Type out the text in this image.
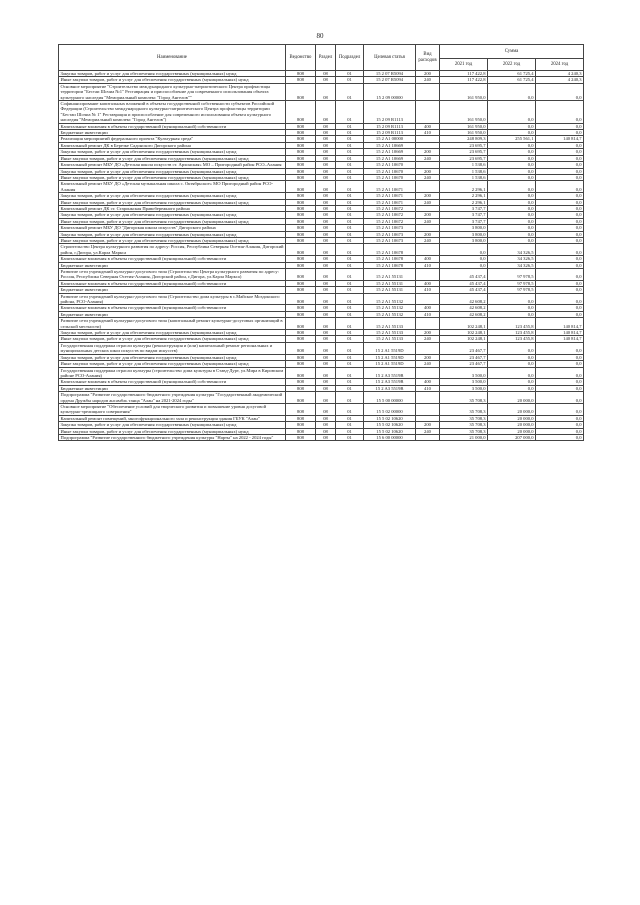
80
Наименование	Ведомство	Раздел	Подраздел	Целевая статья	Вид расходов	Сумма		
						2021 год	2022 год	2024 год
Закупка товаров, работ и услуг для обеспечения государственных (муниципальных) нужд	808	08	01	15 2 07 R5094	200	117 422,8	61 725,4	4 240,3
Иные закупки товаров, работ и услуг для обеспечения государственных (муниципальных) нужд	808	08	01	15 2 07 R5094	240	117 422,8	61 725,4	4 240,3
Основное мероприятие "Строительство международного культурно-патриотического Центра профчастицы территории "Бестаи Шочиа №1" Реставрация и приспособление для современного использования объекта культурного наследия "Мемориальный комплекс "Город Ангелов""	808	08	01	15 2 09 00000		161 950,0	0,0	0,0
Софинансирование капитальных вложений в объекты государственной собственности субъектов Российской Федерации (Строительство международного культурно-патриотического Центра профчастицы территории "Бестаи Шочиа № 1" Реставрация и приспособление для современного использования объекта культурного наследия "Мемориальный комплекс "Город Ангелов")	808	08	01	15 2 09 R1113		161 950,0	0,0	0,0
Капитальные вложения в объекты государственной (муниципальной) собственности	808	08	01	15 2 09 R1113	400	161 950,0	0,0	0,0
Бюджетные инвестиции	808	08	01	15 2 09 R1113	410	161 950,0	0,0	0,0
Реализация мероприятий федерального проекта "Культурная среда"	808	08	01	15 2 A1 00000		248 809,3	255 561,1	140 814,7
Капитальный ремонт ДК в Березке Садонского Дигорского района	808	08	01	15 2 A1 10669		23 695,7	0,0	0,0
Закупка товаров, работ и услуг для обеспечения государственных (муниципальных) нужд	808	08	01	15 2 A1 10669	200	23 695,7	0,0	0,0
Иные закупки товаров, работ и услуг для обеспечения государственных (муниципальных) нужд	808	08	01	15 2 A1 10669	240	23 695,7	0,0	0,0
Капитальный ремонт МБУ ДО «Детская школа искусств ст. Архонская» МО – Пригородный район РСО–Алания	808	08	01	15 2 A1 10670		1 538,6	0,0	0,0
Закупка товаров, работ и услуг для обеспечения государственных (муниципальных) нужд	808	08	01	15 2 A1 10670	200	1 538,6	0,0	0,0
Иные закупки товаров, работ и услуг для обеспечения государственных (муниципальных) нужд	808	08	01	15 2 A1 10670	240	1 538,6	0,0	0,0
Капитальный ремонт МБУ ДО «Детская музыкальная школа с. Октябрьское» МО Пригородный район РСО-Алания	808	08	01	15 2 A1 10671		2 296,1	0,0	0,0
Закупка товаров, работ и услуг для обеспечения государственных (муниципальных) нужд	808	08	01	15 2 A1 10671	200	2 296,1	0,0	0,0
Иные закупки товаров, работ и услуг для обеспечения государственных (муниципальных) нужд	808	08	01	15 2 A1 10671	240	2 296,1	0,0	0,0
Капитальный ремонт ДК ст. Старонкская Правобережного района	808	08	01	15 2 A1 10672		3 747,7	0,0	0,0
Закупка товаров, работ и услуг для обеспечения государственных (муниципальных) нужд	808	08	01	15 2 A1 10672	200	3 747,7	0,0	0,0
Иные закупки товаров, работ и услуг для обеспечения государственных (муниципальных) нужд	808	08	01	15 2 A1 10672	240	3 747,7	0,0	0,0
Капитальный ремонт МБУ ДО "Дигорская школа искусств" Дигорского района	808	08	01	15 2 A1 10673		3 800,0	0,0	0,0
Закупка товаров, работ и услуг для обеспечения государственных (муниципальных) нужд	808	08	01	15 2 A1 10673	200	3 800,0	0,0	0,0
Иные закупки товаров, работ и услуг для обеспечения государственных (муниципальных) нужд	808	08	01	15 2 A1 10673	240	3 800,0	0,0	0,0
Строительство Центра культурного развития по адресу: Россия, Республика Северная Осетия-Алания, Дигорский район, г.Дигора, ул.Карла Маркса	808	08	01	15 2 A1 10678		0,0	34 326,5	0,0
Капитальные вложения в объекты государственной (муниципальной) собственности	808	08	01	15 2 A1 10678	400	0,0	34 326,5	0,0
Бюджетные инвестиции	808	08	01	15 2 A1 10678	410	0,0	34 326,5	0,0
Развитие сети учреждений культурно-досугового типа (Строительство Центра культурного развития по адресу: Россия, Республика Северная Осетия-Алания, Дигорский район, г.Дигора, ул.Карла Маркса)	808	08	01	15 2 A1 55131		45 437,4	97 978,5	0,0
Капитальные вложения в объекты государственной (муниципальной) собственности	808	08	01	15 2 A1 55131	400	45 437,4	97 978,5	0,0
Бюджетные инвестиции	808	08	01	15 2 A1 55131	410	45 437,4	97 978,5	0,0
Развитие сети учреждений культурно-досугового типа (Строительство дома культуры в с.Майское Моздокского района, РСО-Алания)	808	08	01	15 2 A1 55132		42 608,2	0,0	0,0
Капитальные вложения в объекты государственной (муниципальной) собственности	808	08	01	15 2 A1 55132	400	42 608,2	0,0	0,0
Бюджетные инвестиции	808	08	01	15 2 A1 55132	410	42 608,2	0,0	0,0
Развитие сети учреждений культурно-досугового типа (капитальный ремонт культурно-досуговых организаций в сельской местности)	808	08	01	15 2 A1 55133		102 248,1	123 455,8	140 814,7
Закупка товаров, работ и услуг для обеспечения государственных (муниципальных) нужд	808	08	01	15 2 A1 55133	200	102 248,1	123 455,8	140 814,7
Иные закупки товаров, работ и услуг для обеспечения государственных (муниципальных) нужд	808	08	01	15 2 A1 55133	240	102 248,1	123 455,8	140 814,7
Государственная поддержка отрасли культуры (реконструкция и (или) капитальный ремонт региональных и муниципальных детских школ искусств по видам искусств)	808	08	01	15 2 A1 5519D		23 467,7	0,0	0,0
Закупка товаров, работ и услуг для обеспечения государственных (муниципальных) нужд	808	08	01	15 2 A1 5519D	200	23 467,7	0,0	0,0
Иные закупки товаров, работ и услуг для обеспечения государственных (муниципальных) нужд	808	08	01	15 2 A1 5519D	240	23 467,7	0,0	0,0
Государственная поддержка отрасли культуры (строительство дома культуры в Ставд-Дурт, ул.Мира в Кировском районе РСО-Алания)	808	08	01	15 2 A3 5519В		3 500,0	0,0	0,0
Капитальные вложения в объекты государственной (муниципальной) собственности	808	08	01	15 2 A3 5519В	400	3 500,0	0,0	0,0
Бюджетные инвестиции	808	08	01	15 2 A3 5519В	410	3 500,0	0,0	0,0
Подпрограмма "Развитие государственного бюджетного учреждения культуры "Государственный академический ордена Дружбы народов ансамбль танца "Алан" на 2021-2024 годы"	808	08	01	15 5 00 00000		35 708,3	20 000,0	0,0
Основное мероприятие "Обеспечение условий для творческого развития и повышение уровня досуговой культурно-зрелищного совершения"	808	08	01	15 5 02 00000		35 708,3	20 000,0	0,0
Капитальный ремонт помещений, многофункционального зала и реконструкция здания ГБУК "Алан"	808	08	01	15 5 02 10620		35 708,3	20 000,0	0,0
Закупка товаров, работ и услуг для обеспечения государственных (муниципальных) нужд	808	08	01	15 5 02 10620	200	35 708,3	20 000,0	0,0
Иные закупки товаров, работ и услуг для обеспечения государственных (муниципальных) нужд	808	08	01	15 5 02 10620	240	35 708,3	20 000,0	0,0
Подпрограмма "Развитие государственного бюджетного учреждения культуры "Нарты" на 2022 - 2024 годы"	808	08	01	15 6 00 00000		21 000,0	207 000,0	0,0
